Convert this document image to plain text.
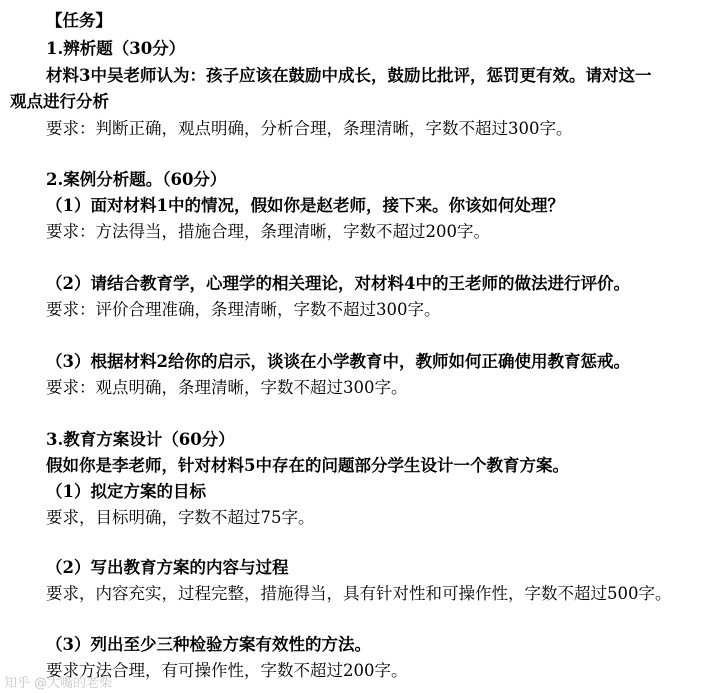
【任务】
1.辨析题（30分）
材料3中吴老师认为：孩子应该在鼓励中成长，鼓励比批评，惩罚更有效。请对这一
观点进行分析
要求：判断正确，观点明确，分析合理，条理清晰，字数不超过300字。
2.案例分析题。（60分）
（1）面对材料1中的情况，假如你是赵老师，接下来。你该如何处理？
要求：方法得当，措施合理，条理清晰，字数不超过200字。
（2）请结合教育学，心理学的相关理论，对材料4中的王老师的做法进行评价。
要求：评价合理准确，条理清晰，字数不超过300字。
（3）根据材料2给你的启示，谈谈在小学教育中，教师如何正确使用教育惩戒。
要求：观点明确，条理清晰，字数不超过300字。
3.教育方案设计（60分）
假如你是李老师，针对材料5中存在的问题部分学生设计一个教育方案。
（1）拟定方案的目标
要求，目标明确，字数不超过75字。
（2）写出教育方案的内容与过程
要求，内容充实，过程完整，措施得当，具有针对性和可操作性，字数不超过500字。
（3）列出至少三种检验方案有效性的方法。
要求方法合理，有可操作性，字数不超过200字。
知乎 @大嘴的老柴
